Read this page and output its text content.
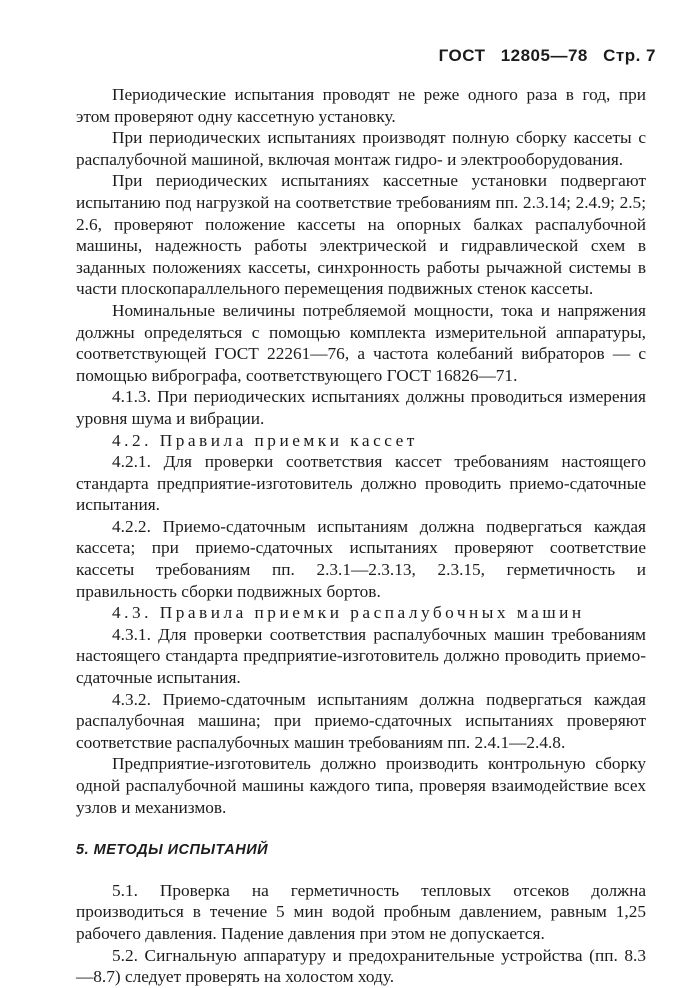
ГОСТ 12805—78 Стр. 7

Периодические испытания проводят не реже одного раза в год, при этом проверяют одну кассетную установку.

При периодических испытаниях производят полную сборку кассеты с распалубочной машиной, включая монтаж гидро- и электрооборудования.

При периодических испытаниях кассетные установки подвергают испытанию под нагрузкой на соответствие требованиям пп. 2.3.14; 2.4.9; 2.5; 2.6, проверяют положение кассеты на опорных балках распалубочной машины, надежность работы электрической и гидравлической схем в заданных положениях кассеты, синхронность работы рычажной системы в части плоскопараллельного перемещения подвижных стенок кассеты.

Номинальные величины потребляемой мощности, тока и напряжения должны определяться с помощью комплекта измерительной аппаратуры, соответствующей ГОСТ 22261—76, а частота колебаний вибраторов — с помощью вибрографа, соответствующего ГОСТ 16826—71.

4.1.3. При периодических испытаниях должны проводиться измерения уровня шума и вибрации.

4.2. Правила приемки кассет

4.2.1. Для проверки соответствия кассет требованиям настоящего стандарта предприятие-изготовитель должно проводить приемо-сдаточные испытания.

4.2.2. Приемо-сдаточным испытаниям должна подвергаться каждая кассета; при приемо-сдаточных испытаниях проверяют соответствие кассеты требованиям пп. 2.3.1—2.3.13, 2.3.15, герметичность и правильность сборки подвижных бортов.

4.3. Правила приемки распалубочных машин

4.3.1. Для проверки соответствия распалубочных машин требованиям настоящего стандарта предприятие-изготовитель должно проводить приемо-сдаточные испытания.

4.3.2. Приемо-сдаточным испытаниям должна подвергаться каждая распалубочная машина; при приемо-сдаточных испытаниях проверяют соответствие распалубочных машин требованиям пп. 2.4.1—2.4.8.

Предприятие-изготовитель должно производить контрольную сборку одной распалубочной машины каждого типа, проверяя взаимодействие всех узлов и механизмов.

5. МЕТОДЫ ИСПЫТАНИЙ

5.1. Проверка на герметичность тепловых отсеков должна производиться в течение 5 мин водой пробным давлением, равным 1,25 рабочего давления. Падение давления при этом не допускается.

5.2. Сигнальную аппаратуру и предохранительные устройства (пп. 8.3—8.7) следует проверять на холостом ходу.
